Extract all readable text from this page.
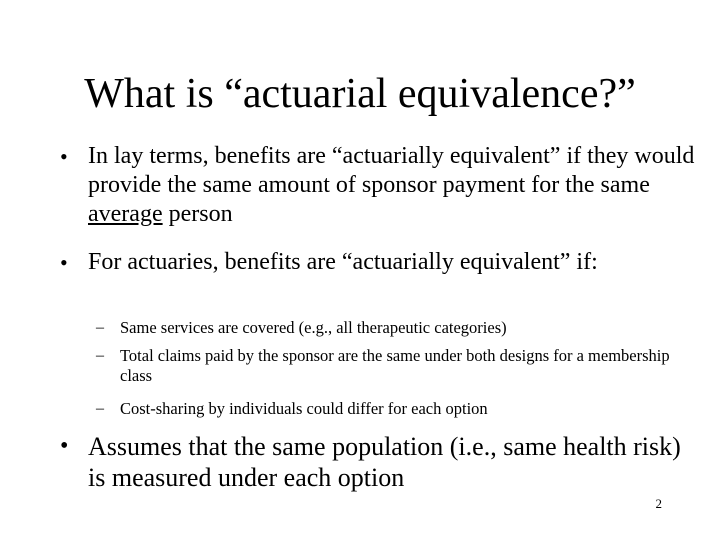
What is “actuarial equivalence?”
• In lay terms, benefits are “actuarially equivalent” if they would provide the same amount of sponsor payment for the same average person
• For actuaries, benefits are “actuarially equivalent” if:
– Same services are covered (e.g., all therapeutic categories)
– Total claims paid by the sponsor are the same under both designs for a membership class
– Cost-sharing by individuals could differ for each option
• Assumes that the same population (i.e., same health risk) is measured under each option
2
